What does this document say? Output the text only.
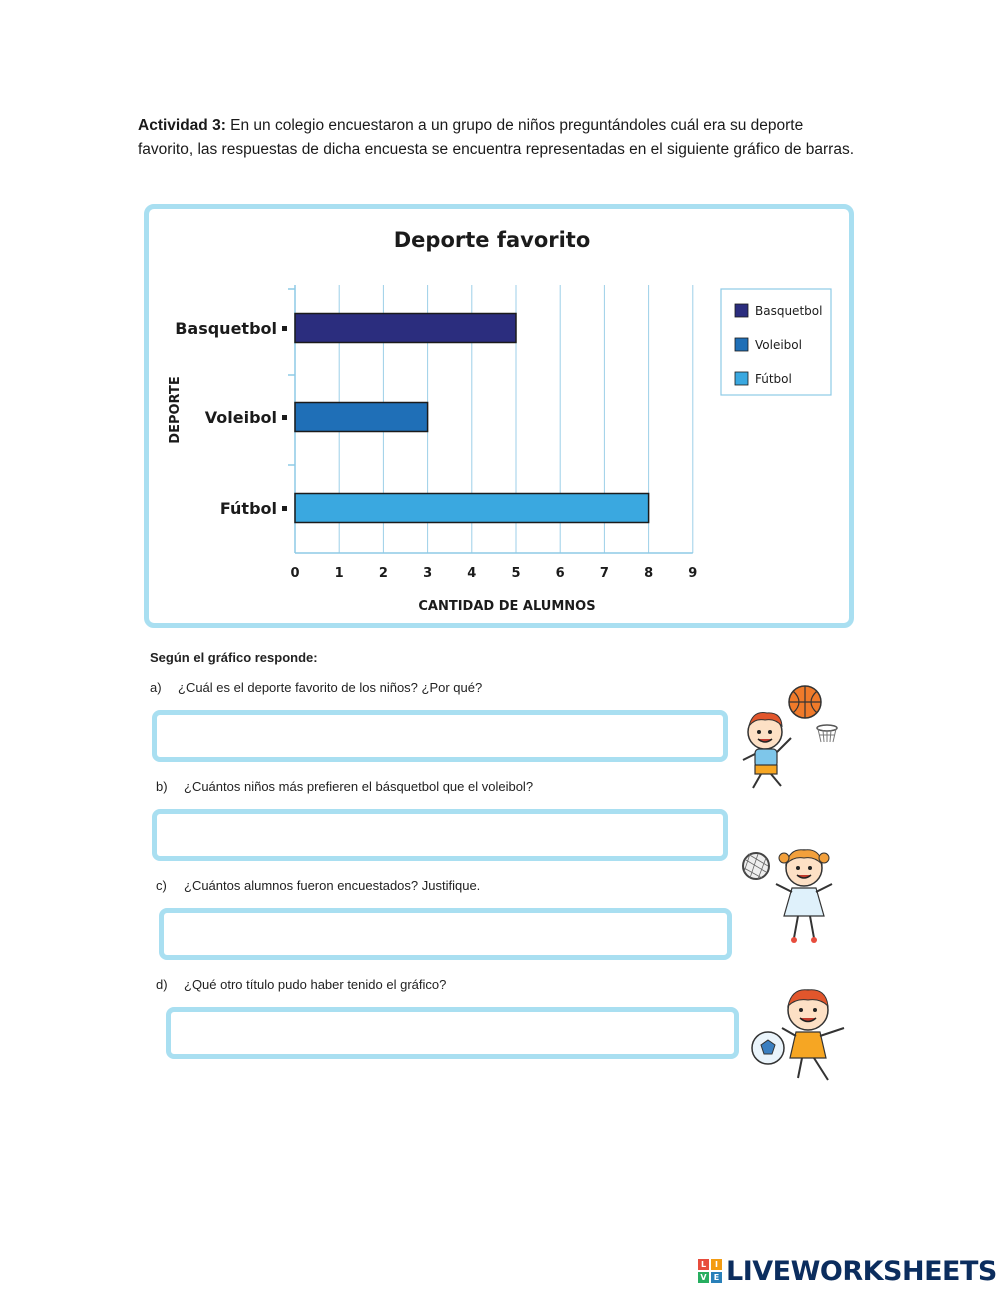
Actividad 3: En un colegio encuestaron a un grupo de niños preguntándoles cuál era su deporte favorito, las respuestas de dicha encuesta se encuentra representadas en el siguiente gráfico de barras.
Deporte favorito
Basquetbol
Voleibol
Fútbol
0	1	2	3	4	5	6	7	8	9
CANTIDAD DE ALUMNOS
DEPORTE
Basquetbol
Voleibol
Fútbol
Según el gráfico responde:
a) ¿Cuál es el deporte favorito de los niños? ¿Por qué?
b) ¿Cuántos niños más prefieren el básquetbol que el voleibol?
c) ¿Cuántos alumnos fueron encuestados? Justifique.
d) ¿Qué otro título pudo haber tenido el gráfico?
L	I
V E LIVEWORKSHEETS
